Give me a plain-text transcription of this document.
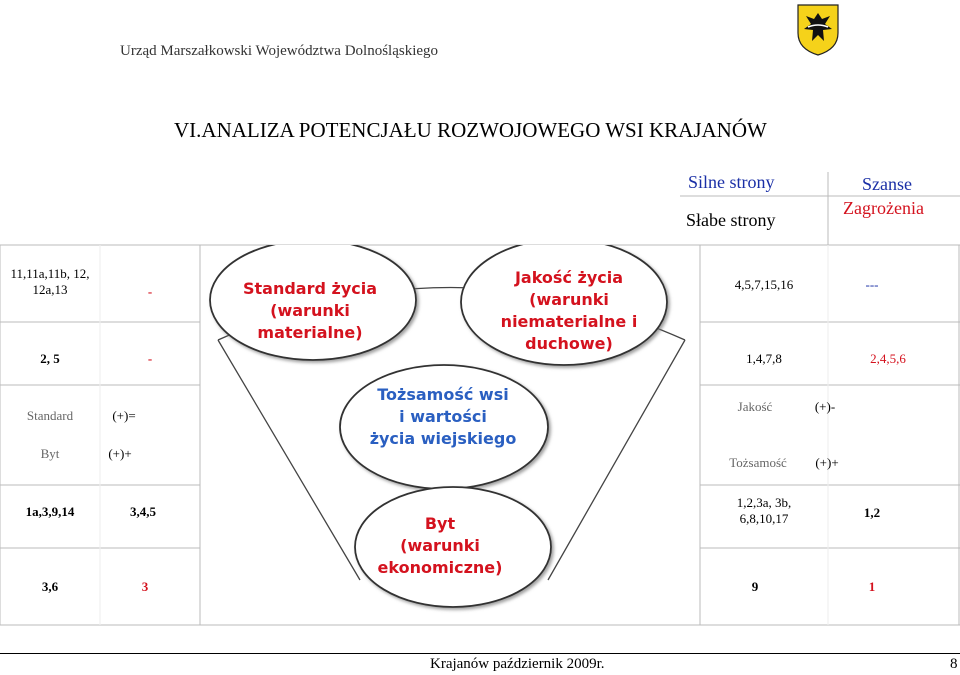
Urząd Marszałkowski Województwa Dolnośląskiego
VI.ANALIZA POTENCJAŁU ROZWOJOWEGO WSI KRAJANÓW
Silne strony
Słabe strony
Szanse
Zagrożenia
Standard życia
(warunki
materialne)
Jakość życia
(warunki
niematerialne i
duchowe)
Tożsamość wsi
i wartości
życia wiejskiego
Byt
(warunki
ekonomiczne)
11,11a,11b, 12, 12a,13	-
2, 5	-
Standard	(+)=
Byt	(+)+
1a,3,9,14	3,4,5
3,6	3
4,5,7,15,16	---
1,4,7,8	2,4,5,6
Jakość	(+)-
Tożsamość	(+)+
1,2,3a, 3b, 6,8,10,17	1,2
9	1
Krajanów październik 2009r.	8
